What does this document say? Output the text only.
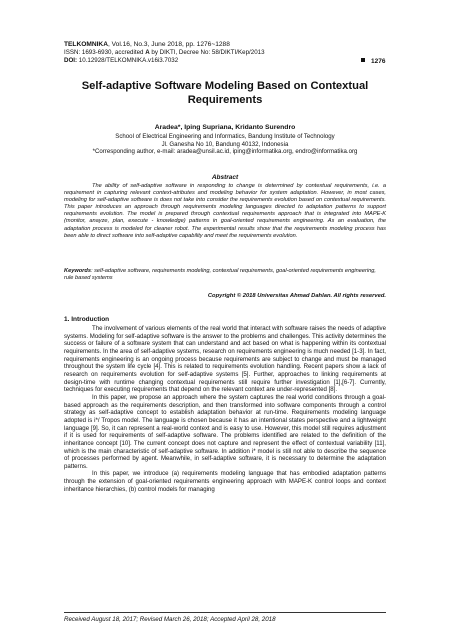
TELKOMNIKA, Vol.16, No.3, June 2018, pp. 1276~1288
ISSN: 1693-6930, accredited A by DIKTI, Decree No: 58/DIKTI/Kep/2013
DOI: 10.12928/TELKOMNIKA.v16i3.7032	1276
Self-adaptive Software Modeling Based on Contextual Requirements
Aradea*, Iping Supriana, Kridanto Surendro
School of Electrical Engineering and Informatics, Bandung Institute of Technology
Jl. Ganesha No 10, Bandung 40132, Indonesia
*Corresponding author, e-mail: aradea@unsil.ac.id, iping@informatika.org, endro@informatika.org
Abstract
The ability of self-adaptive software in responding to change is determined by contextual requirements, i.e. a requirement in capturing relevant context-atributes and modeling behavior for system adaptation. However, in most cases, modeling for self-adaptive software is does not take into consider the requirements evolution based on contextual requirements. This paper introduces an approach through requirements modeling languages directed to adaptation patterns to support requirements evolution. The model is prepared through contextual requirements approach that is integrated into MAPE-K (monitor, anayze, plan, execute - knowledge) patterns in goal-oriented requirements engineering. As an evaluation, the adaptation process is modeled for cleaner robot. The experimental results show that the requirements modeling process has been able to direct software into self-adaptive capability and meet the requirements evolution.
Keywords: self-adaptive software, requirements modeling, contextual requirements, goal-oriented requirements engineering, rule based systems
Copyright © 2018 Universitas Ahmad Dahlan. All rights reserved.
1. Introduction

The involvement of various elements of the real world that interact with software raises the needs of adaptive systems. Modeling for self-adaptive software is the answer to the problems and challenges. This activity determines the success or failure of a software system that can understand and act based on what is happening within its contextual requirements. In the area of self-adaptive systems, research on requirements engineering is much needed [1-3]. In fact, requirements engineering is an ongoing process because requirements are subject to change and must be managed throughout the system life cycle [4]. This is related to requirements evolution handling. Recent papers show a lack of research on requirements evolution for self-adaptive systems [5]. Further, approaches to linking requirements at design-time with runtime changing contextual requirements still require further investigation [1],[6-7]. Currently, techniques for executing requirements that depend on the relevant context are under-represented [8].

In this paper, we propose an approach where the system captures the real world conditions through a goal-based approach as the requirements description, and then transformed into software components through a control strategy as self-adaptive concept to establish adaptation behavior at run-time. Requirements modeling language adopted is i*/ Tropos model. The language is chosen because it has an intentional states perspective and a lightweight language [9]. So, it can represent a real-world context and is easy to use. However, this model still requires adjustment if it is used for requirements of self-adaptive software. The problems identified are related to the definition of the inheritance concept [10]. The current concept does not capture and represent the effect of contextual variability [11], which is the main characteristic of self-adaptive software. In addition i* model is still not able to describe the sequence of processes performed by agent. Meanwhile, in self-adaptive software, it is necessary to determine the adaptation patterns.

In this paper, we introduce (a) requirements modeling language that has embodied adaptation patterns through the extension of goal-oriented requirements engineering approach with MAPE-K control loops and context inheritance hierarchies, (b) control models for managing

Received August 18, 2017; Revised March 26, 2018; Accepted April 28, 2018
